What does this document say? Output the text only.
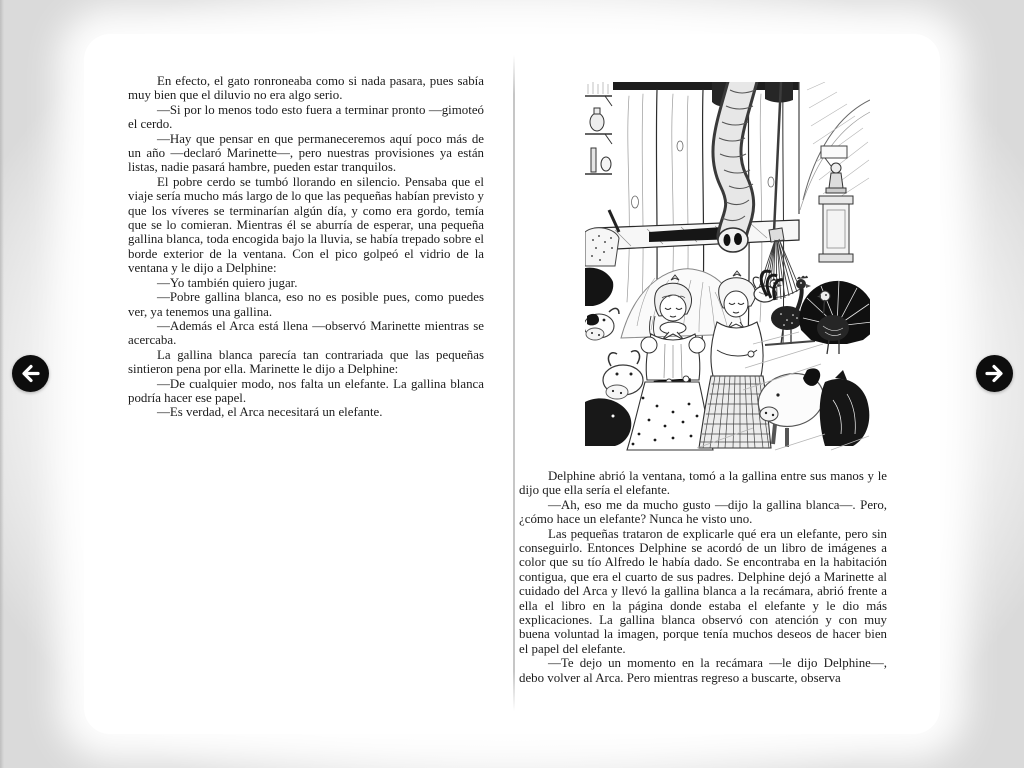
En efecto, el gato ronroneaba como si nada pasara, pues sabía muy bien que el diluvio no era algo serio.

—Si por lo menos todo esto fuera a terminar pronto —gimoteó el cerdo.

—Hay que pensar en que permaneceremos aquí poco más de un año —declaró Marinette—, pero nuestras provisiones ya están listas, nadie pasará hambre, pueden estar tranquilos.

El pobre cerdo se tumbó llorando en silencio. Pensaba que el viaje sería mucho más largo de lo que las pequeñas habían previsto y que los víveres se terminarían algún día, y como era gordo, temía que se lo comieran. Mientras él se aburría de esperar, una pequeña gallina blanca, toda encogida bajo la lluvia, se había trepado sobre el borde exterior de la ventana. Con el pico golpeó el vidrio de la ventana y le dijo a Delphine:

—Yo también quiero jugar.

—Pobre gallina blanca, eso no es posible pues, como puedes ver, ya tenemos una gallina.

—Además el Arca está llena —observó Marinette mientras se acercaba.

La gallina blanca parecía tan contrariada que las pequeñas sintieron pena por ella. Marinette le dijo a Delphine:

—De cualquier modo, nos falta un elefante. La gallina blanca podría hacer ese papel.

—Es verdad, el Arca necesitará un elefante.

Delphine abrió la ventana, tomó a la gallina entre sus manos y le dijo que ella sería el elefante.

—Ah, eso me da mucho gusto —dijo la gallina blanca—. Pero, ¿cómo hace un elefante? Nunca he visto uno.

Las pequeñas trataron de explicarle qué era un elefante, pero sin conseguirlo. Entonces Delphine se acordó de un libro de imágenes a color que su tío Alfredo le había dado. Se encontraba en la habitación contigua, que era el cuarto de sus padres. Delphine dejó a Marinette al cuidado del Arca y llevó la gallina blanca a la recámara, abrió frente a ella el libro en la página donde estaba el elefante y le dio más explicaciones. La gallina blanca observó con atención y con muy buena voluntad la imagen, porque tenía muchos deseos de hacer bien el papel del elefante.

—Te dejo un momento en la recámara —le dijo Delphine—, debo volver al Arca. Pero mientras regreso a buscarte, observa
